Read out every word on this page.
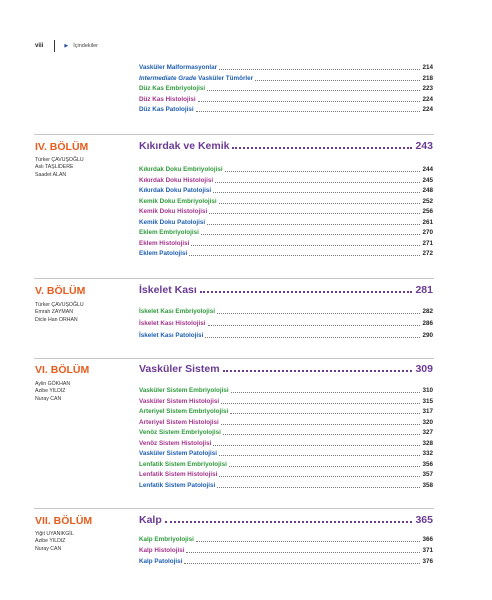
viii	▶ İçindekiler
Vasküler Malformasyonlar	214
Intermediate Grade Vasküler Tümörler	218
Düz Kas Embriyolojisi	223
Düz Kas Histolojisi	224
Düz Kas Patolojisi	224
IV. BÖLÜM	Kıkırdak ve Kemik	243
Türker ÇAVUŞOĞLU
Aslı TAŞLIDERE
Saadet ALAN
Kıkırdak Doku Embriyolojisi	244
Kıkırdak Doku Histolojisi	245
Kıkırdak Doku Patolojisi	248
Kemik Doku Embriyolojisi	252
Kemik Doku Histolojisi	256
Kemik Doku Patolojisi	261
Eklem Embriyolojisi	270
Eklem Histolojisi	271
Eklem Patolojisi	272
V. BÖLÜM	İskelet Kası	281
Türker ÇAVUŞOĞLU
Emrah ZAYMAN
Dicle Han ORHAN
İskelet Kası Embriyolojisi	282
İskelet Kası Histolojisi	286
İskelet Kası Patolojisi	290
VI. BÖLÜM	Vasküler Sistem	309
Aylin GÖKHAN
Azibe YILDIZ
Nuray CAN
Vasküler Sistem Embriyolojisi	310
Vasküler Sistem Histolojisi	315
Arteriyel Sistem Embriyolojisi	317
Arteriyel Sistem Histolojisi	320
Venöz Sistem Embriyolojisi	327
Venöz Sistem Histolojisi	328
Vasküler Sistem Patolojisi	332
Lenfatik Sistem Embriyolojisi	356
Lenfatik Sistem Histolojisi	357
Lenfatik Sistem Patolojisi	358
VII. BÖLÜM	Kalp	365
Yiğit UYANIKGİL
Azibe YILDIZ
Nuray CAN
Kalp Embriyolojisi	366
Kalp Histolojisi	371
Kalp Patolojisi	376
